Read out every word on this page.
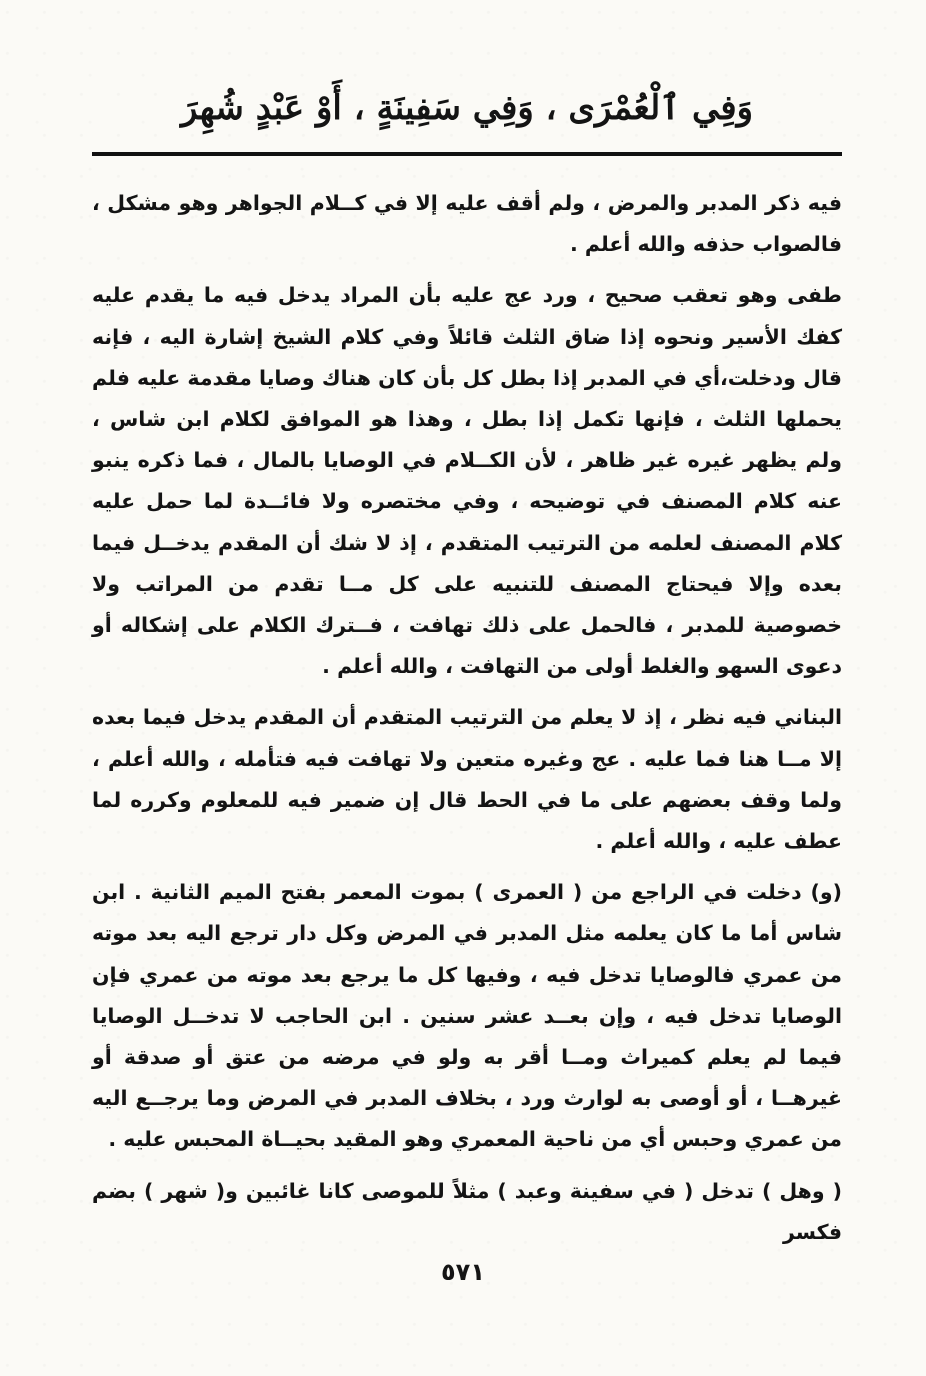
وَفِي ٱلْعُمْرَى ، وَفِي سَفِينَةٍ ، أَوْ عَبْدٍ شُهِرَ

فيه ذكر المدبر والمرض ، ولم أقف عليه إلا في كــلام الجواهر وهو مشكل ، فالصواب حذفه والله أعلم .

طفى وهو تعقب صحيح ، ورد عج عليه بأن المراد يدخل فيه ما يقدم عليه كفك الأسير ونحوه إذا ضاق الثلث قائلاً وفي كلام الشيخ إشارة اليه ، فإنه قال ودخلت،أي في المدبر إذا بطل كل بأن كان هناك وصايا مقدمة عليه فلم يحملها الثلث ، فإنها تكمل إذا بطل ، وهذا هو الموافق لكلام ابن شاس ، ولم يظهر غيره غير ظاهر ، لأن الكــلام في الوصايا بالمال ، فما ذكره ينبو عنه كلام المصنف في توضيحه ، وفي مختصره ولا فائــدة لما حمل عليه كلام المصنف لعلمه من الترتيب المتقدم ، إذ لا شك أن المقدم يدخــل فيما بعده وإلا فيحتاج المصنف للتنبيه على كل مــا تقدم من المراتب ولا خصوصية للمدبر ، فالحمل على ذلك تهافت ، فــترك الكلام على إشكاله أو دعوى السهو والغلط أولى من التهافت ، والله أعلم .

البناني فيه نظر ، إذ لا يعلم من الترتيب المتقدم أن المقدم يدخل فيما بعده إلا مــا هنا فما عليه . عج وغيره متعين ولا تهافت فيه فتأمله ، والله أعلم ، ولما وقف بعضهم على ما في الحط قال إن ضمير فيه للمعلوم وكرره لما عطف عليه ، والله أعلم .

(و) دخلت في الراجع من ( العمرى ) بموت المعمر بفتح الميم الثانية . ابن شاس أما ما كان يعلمه مثل المدبر في المرض وكل دار ترجع اليه بعد موته من عمري فالوصايا تدخل فيه ، وفيها كل ما يرجع بعد موته من عمري فإن الوصايا تدخل فيه ، وإن بعــد عشر سنين . ابن الحاجب لا تدخــل الوصايا فيما لم يعلم كميراث ومــا أقر به ولو في مرضه من عتق أو صدقة أو غيرهــا ، أو أوصى به لوارث ورد ، بخلاف المدبر في المرض وما يرجــع اليه من عمري وحبس أي من ناحية المعمري وهو المقيد بحيــاة المحبس عليه .

( وهل ) تدخل ( في سفينة وعبد ) مثلاً للموصى كانا غائبين و( شهر ) بضم فكسر

٥٧١
